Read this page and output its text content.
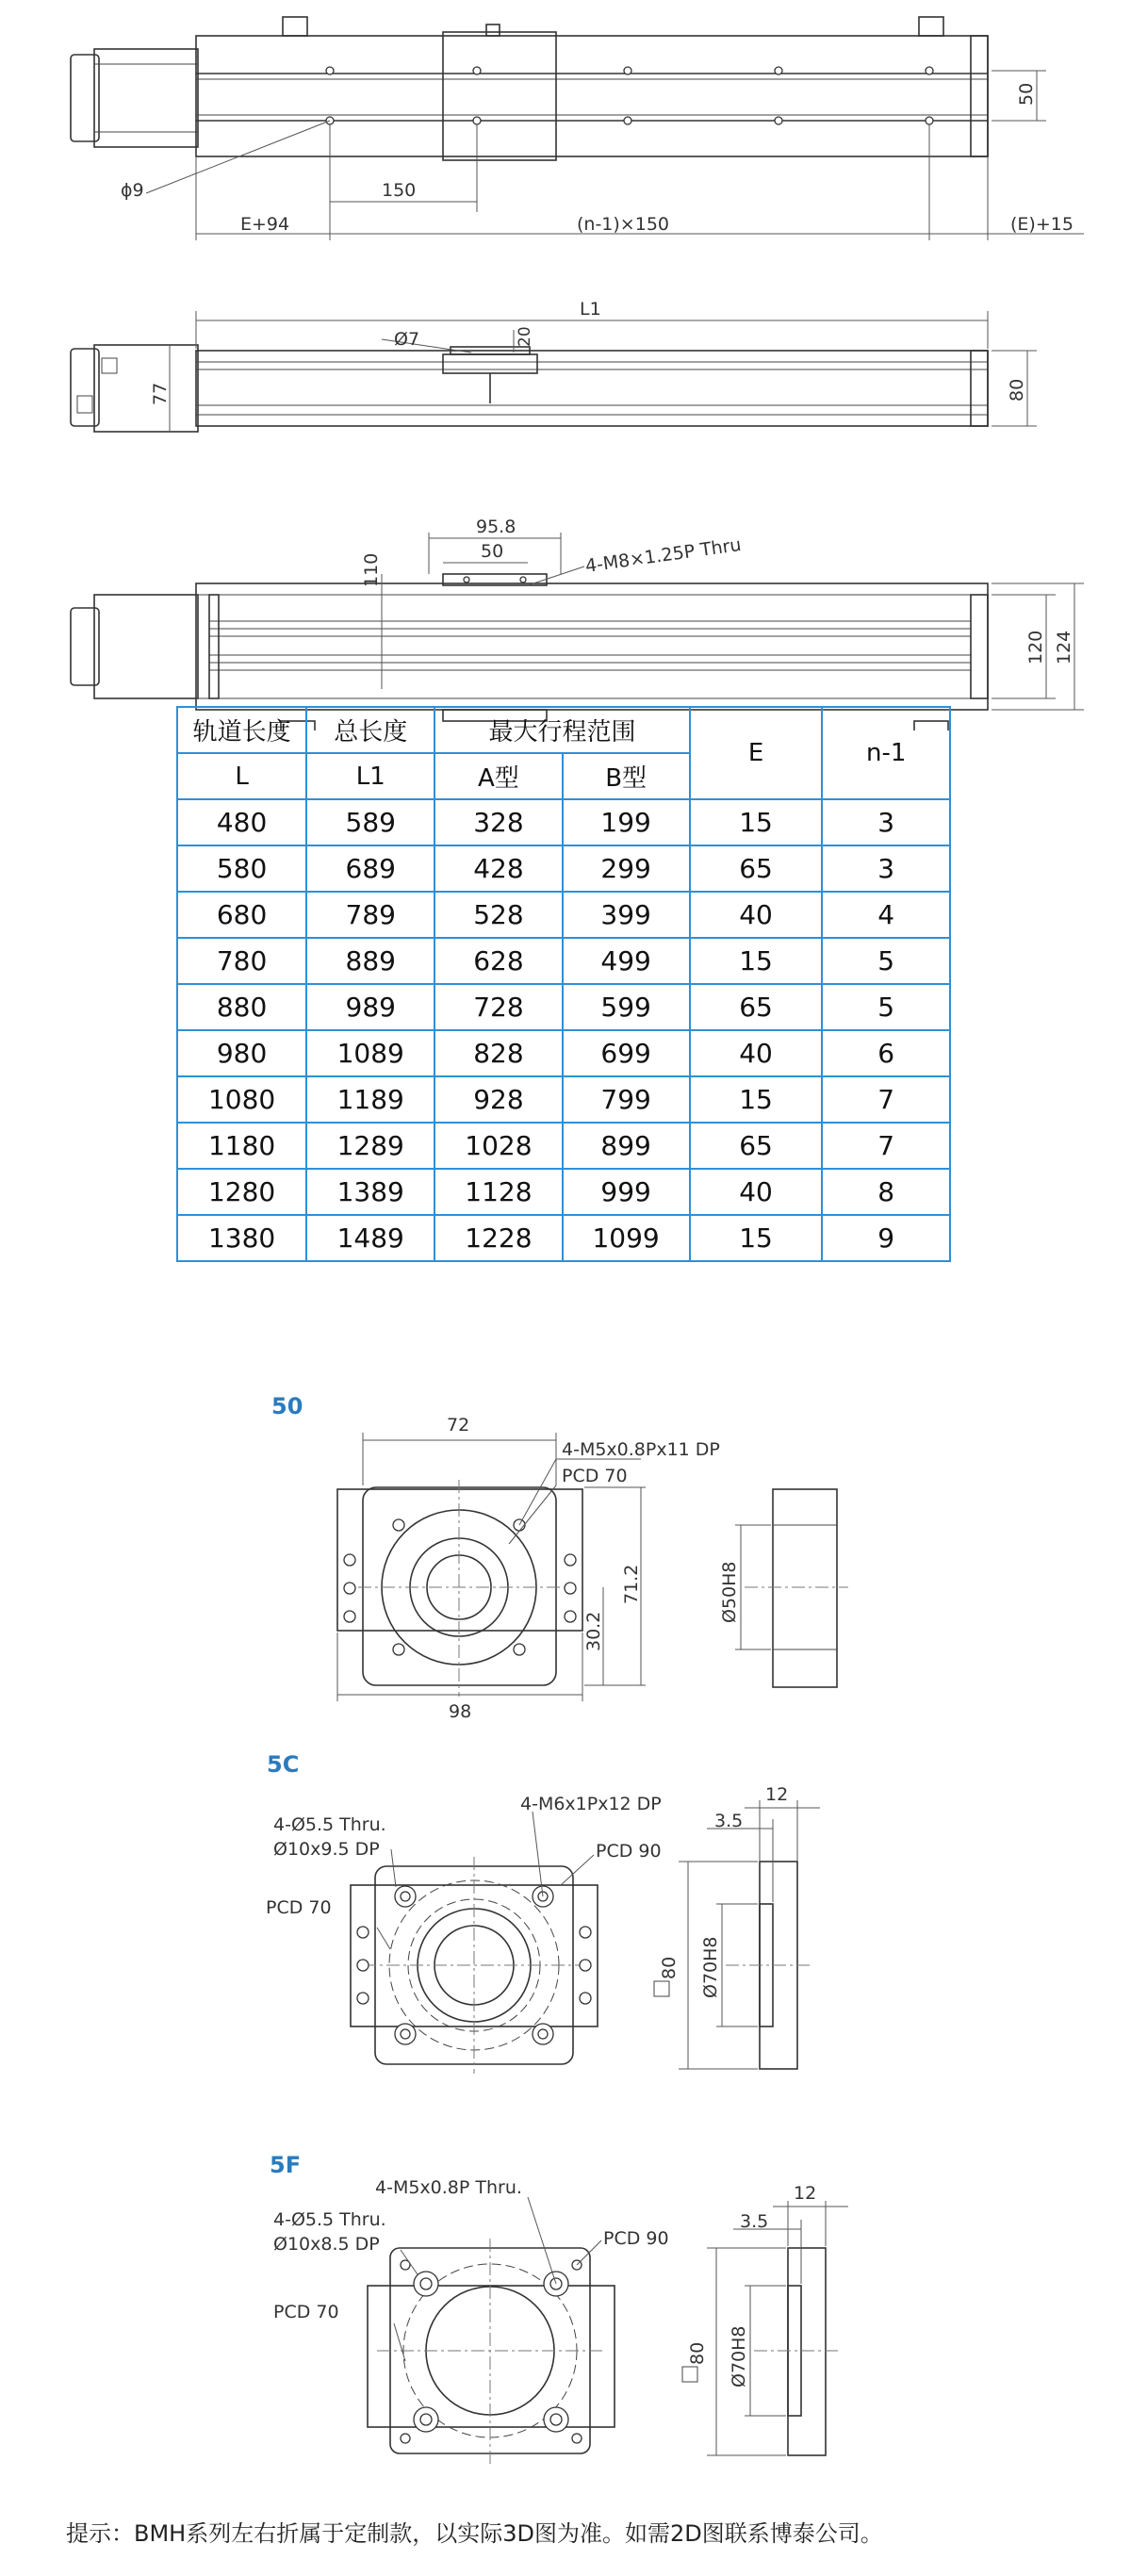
ϕ9	150
E+94	(n-1)×150	(E)+15
50
L1
Ø7	20
77	80
95.8
50	4-M8×1.25P Thru
110
120 124
轨道长度	总长度	最大行程范围		E	n-1
L	L1	A型	B型		
480	589	328	199	15	3
580	689	428	299	65	3
680	789	528	399	40	4
780	889	628	499	15	5
880	989	728	599	65	5
980	1089	828	699	40	6
1080	1189	928	799	15	7
1180	1289	1028	899	65	7
1280	1389	1128	999	40	8
1380	1489	1228	1099	15	9
50
72
4-M5x0.8Px11 DP
PCD 70
71.2
30.2
98
Ø50H8
5C
4-Ø5.5 Thru.
Ø10x9.5 DP
4-M6x1Px12 DP
PCD 90
PCD 70
12
3.5
80 Ø70H8
5F
4-M5x0.8P Thru.
4-Ø5.5 Thru.
Ø10x8.5 DP	PCD 90
PCD 70
12
3.5
80 Ø70H8
提示：BMH系列左右折属于定制款，以实际3D图为准。如需2D图联系博泰公司。
